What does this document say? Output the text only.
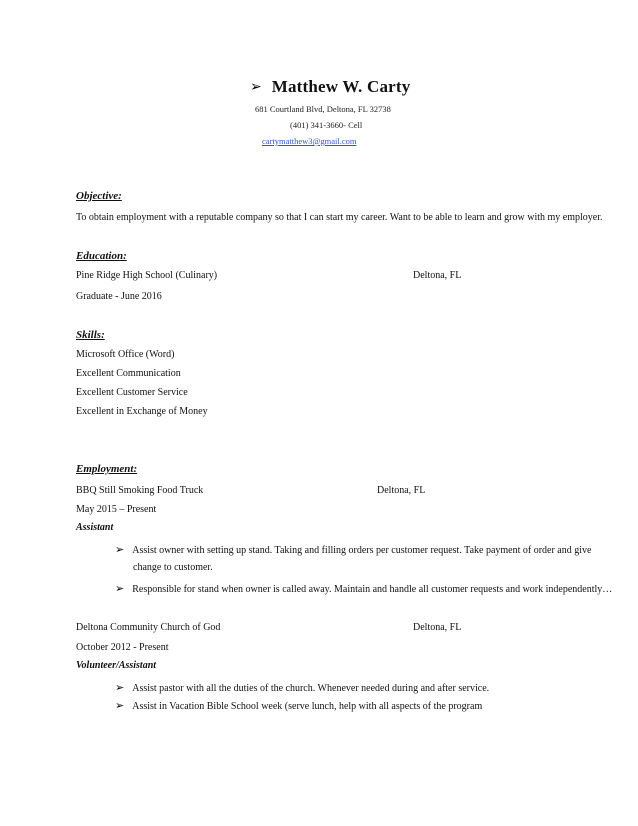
➢ Matthew W. Carty
681 Courtland Blvd, Deltona, FL 32738
(401) 341-3660- Cell
cartymatthew3@gmail.com
Objective:
To obtain employment with a reputable company so that I can start my career. Want to be able to learn and grow with my employer.
Education:
Pine Ridge High School (Culinary)	Deltona, FL
Graduate - June 2016
Skills:
Microsoft Office (Word)
Excellent Communication
Excellent Customer Service
Excellent in Exchange of Money
Employment:
BBQ Still Smoking Food Truck	Deltona, FL
May 2015 – Present
Assistant
➢ Assist owner with setting up stand. Taking and filling orders per customer request. Take payment of order and give
change to customer.
➢ Responsible for stand when owner is called away. Maintain and handle all customer requests and work independently…
Deltona Community Church of God	Deltona, FL
October 2012 - Present
Volunteer/Assistant
➢ Assist pastor with all the duties of the church. Whenever needed during and after service.
➢ Assist in Vacation Bible School week (serve lunch, help with all aspects of the program
